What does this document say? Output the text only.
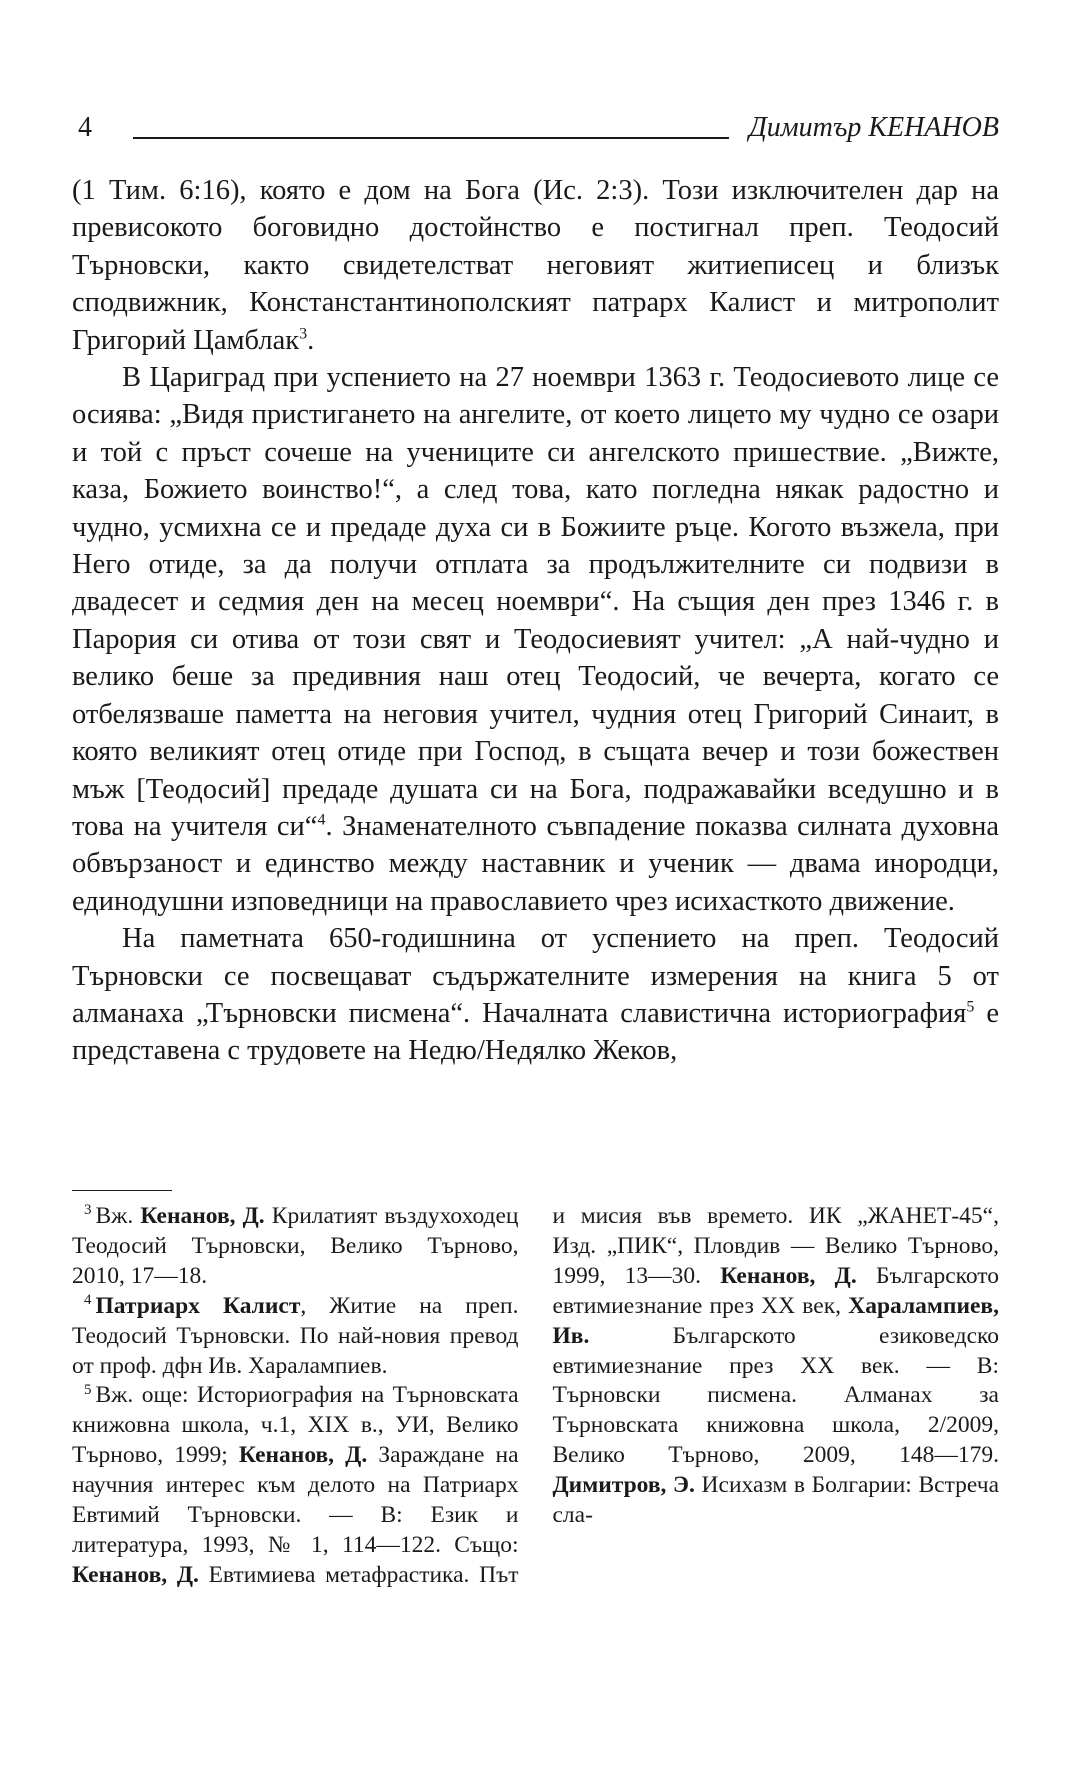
4	Димитър КЕНАНОВ

(1 Тим. 6:16), която е дом на Бога (Ис. 2:3). Този изключителен дар на превисокото боговидно достойнство е постигнал преп. Теодосий Търновски, както свидетелстват неговият житиеписец и близък сподвижник, Констанстантинополският патрарх Калист и митрополит Григорий Цамблак$^3$.

В Цариград при успението на 27 ноември 1363 г. Теодосиевото лице се осиява: „Видя пристигането на ангелите, от което лицето му чудно се озари и той с пръст сочеше на учениците си ангелското пришествие. „Вижте, каза, Божието воинство!“, а след това, като погледна някак радостно и чудно, усмихна се и предаде духа си в Божиите ръце. Когото възжела, при Него отиде, за да получи отплата за продължителните си подвизи в двадесет и седмия ден на месец ноември“. На същия ден през 1346 г. в Парория си отива от този свят и Теодосиевият учител: „А най-чудно и велико беше за предивния наш отец Теодосий, че вечерта, когато се отбелязваше паметта на неговия учител, чудния отец Григорий Синаит, в която великият отец отиде при Господ, в същата вечер и този божествен мъж [Теодосий] предаде душата си на Бога, подражавайки вседушно и в това на учителя си“$^4$. Знаменателното съвпадение показва силната духовна обвързаност и единство между наставник и ученик — двама инородци, единодушни изповедници на православието чрез исихасткото движение.

На паметната 650-годишнина от успението на преп. Теодосий Търновски се посвещават съдържателните измерения на книга 5 от алманаха „Търновски писмена“. Началната славистична историография$^5$ е представена с трудовете на Недю/Недялко Жеков,

$^3$ Вж. Кенанов, Д. Крилатият въздухоходец Теодосий Търновски, Велико Търново, 2010, 17—18.

$^4$ Патриарх Калист, Житие на преп. Теодосий Търновски. По най-новия превод от проф. дфн Ив. Харалампиев.

$^5$ Вж. още: Историография на Търновската книжовна школа, ч.1, XIX в., УИ, Велико Търново, 1999; Кенанов, Д. Зараждане на научния интерес към делото на Патриарх Евтимий Търновски. — В: Език и литература, 1993, № 1, 114—122. Също: Кенанов, Д. Евтимиева метафрастика. Път и мисия във времето. ИК „ЖАНЕТ-45“, Изд. „ПИК“, Пловдив — Велико Търново, 1999, 13—30. Кенанов, Д. Българското евтимиезнание през XX век, Харалампиев, Ив. Българското езиковедско евтимиезнание през XX век. — В: Търновски писмена. Алманах за Търновската книжовна школа, 2/2009, Велико Търново, 2009, 148—179. Димитров, Э. Исихазм в Болгарии: Встреча сла-
